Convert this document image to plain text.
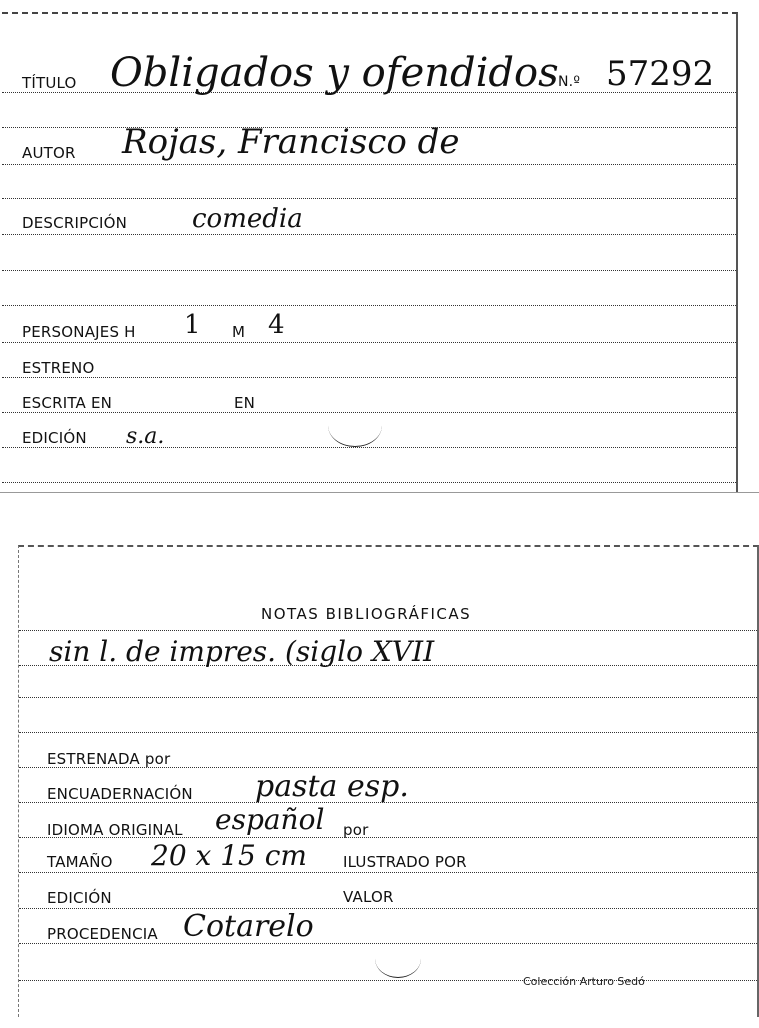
TÍTULO Obligados y ofendidos N.º 57292
AUTOR Rojas, Francisco de
DESCRIPCIÓN comedia
PERSONAJES H 1 M 4
ESTRENO
ESCRITA EN	EN
EDICIÓN s.a.
NOTAS BIBLIOGRÁFICAS
sin l. de impres. (siglo XVII
ESTRENADA por
ENCUADERNACIÓN pasta esp.
IDIOMA ORIGINAL español por
TAMAÑO 20 x 15 cm ILUSTRADO POR
EDICIÓN	VALOR
PROCEDENCIA Cotarelo
Colección Arturo Sedó
